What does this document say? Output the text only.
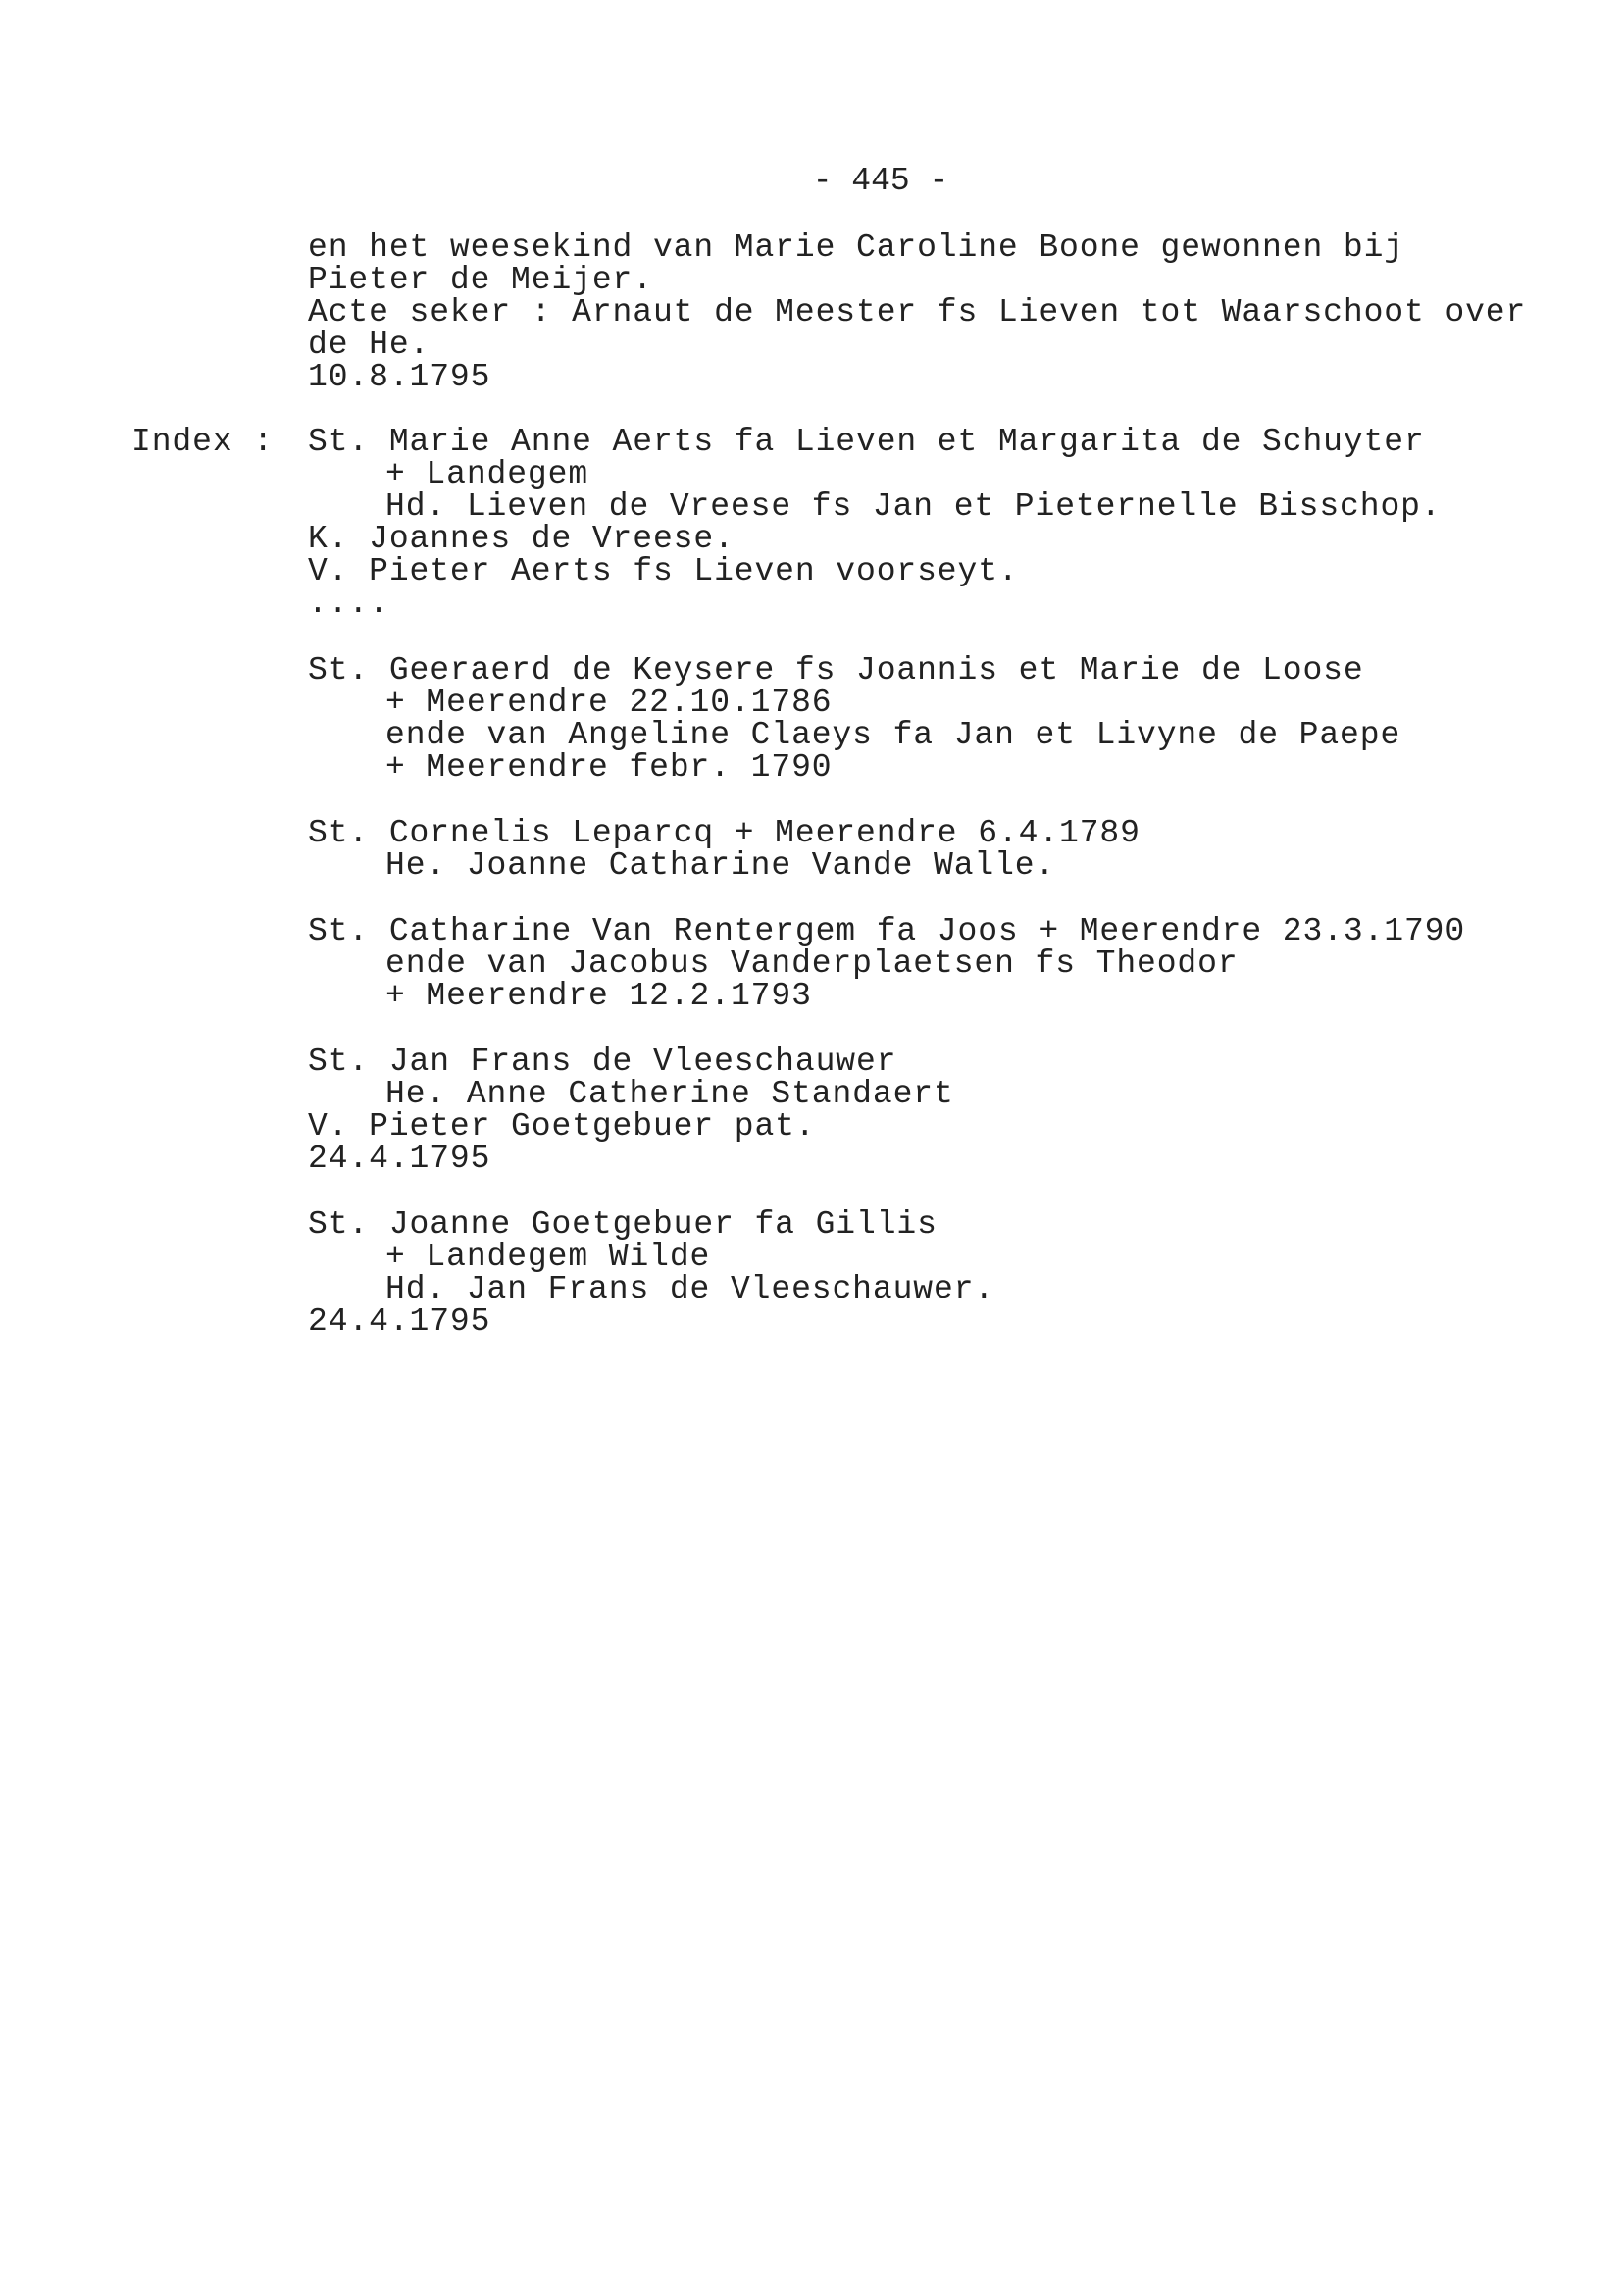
- 445 -
en het weesekind van Marie Caroline Boone gewonnen bij
Pieter de Meijer.
Acte seker : Arnaut de Meester fs Lieven tot Waarschoot over
de He.
10.8.1795
Index : St. Marie Anne Aerts fa Lieven et Margarita de Schuyter
+ Landegem
Hd. Lieven de Vreese fs Jan et Pieternelle Bisschop.
K. Joannes de Vreese.
V. Pieter Aerts fs Lieven voorseyt.
....
St. Geeraerd de Keysere fs Joannis et Marie de Loose
+ Meerendre 22.10.1786
ende van Angeline Claeys fa Jan et Livyne de Paepe
+ Meerendre febr. 1790
St. Cornelis Leparcq + Meerendre 6.4.1789
He. Joanne Catharine Vande Walle.
St. Catharine Van Rentergem fa Joos + Meerendre 23.3.1790
ende van Jacobus Vanderplaetsen fs Theodor
+ Meerendre 12.2.1793
St. Jan Frans de Vleeschauwer
He. Anne Catherine Standaert
V. Pieter Goetgebuer pat.
24.4.1795
St. Joanne Goetgebuer fa Gillis
+ Landegem Wilde
Hd. Jan Frans de Vleeschauwer.
24.4.1795
